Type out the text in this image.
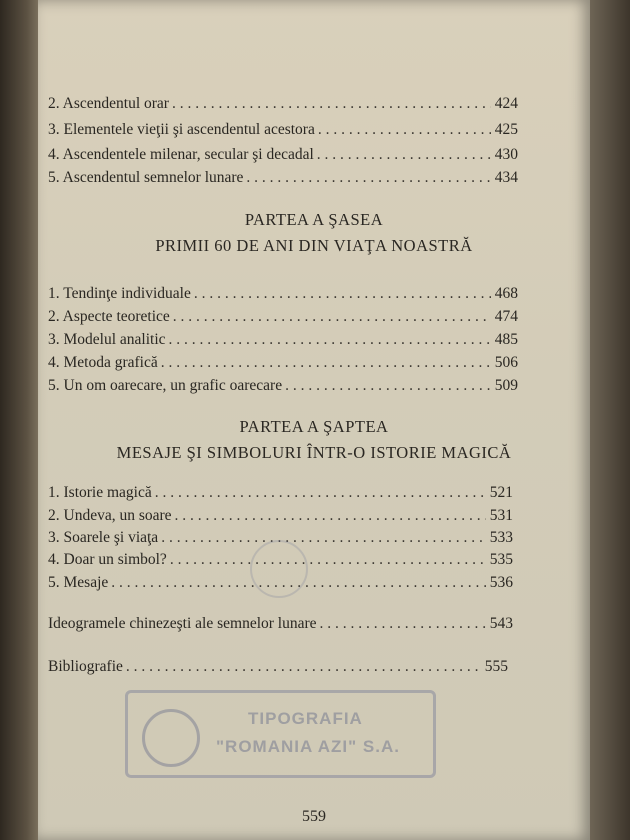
2. Ascendentul orar . . .	424
3. Elementele vieţii şi ascendentul acestora . . .	425
4. Ascendentele milenar, secular şi decadal . . .	430
5. Ascendentul semnelor lunare . . .	434
PARTEA A ŞASEA
PRIMII 60 DE ANI DIN VIAŢA NOASTRĂ
1. Tendinţe individuale . . .	468
2. Aspecte teoretice . . .	474
3. Modelul analitic . . .	485
4. Metoda grafică . . .	506
5. Un om oarecare, un grafic oarecare . . .	509
PARTEA A ŞAPTEA
MESAJE ŞI SIMBOLURI ÎNTR-O ISTORIE MAGICĂ
1. Istorie magică . . .	521
2. Undeva, un soare . . .	531
3. Soarele şi viaţa . . .	533
4. Doar un simbol? . . .	535
5. Mesaje . . .	536
Ideogramele chinezeşti ale semnelor lunare . . .	543
Bibliografie . . .	555
TIPOGRAFIA
"ROMANIA AZI" S.A.
559
